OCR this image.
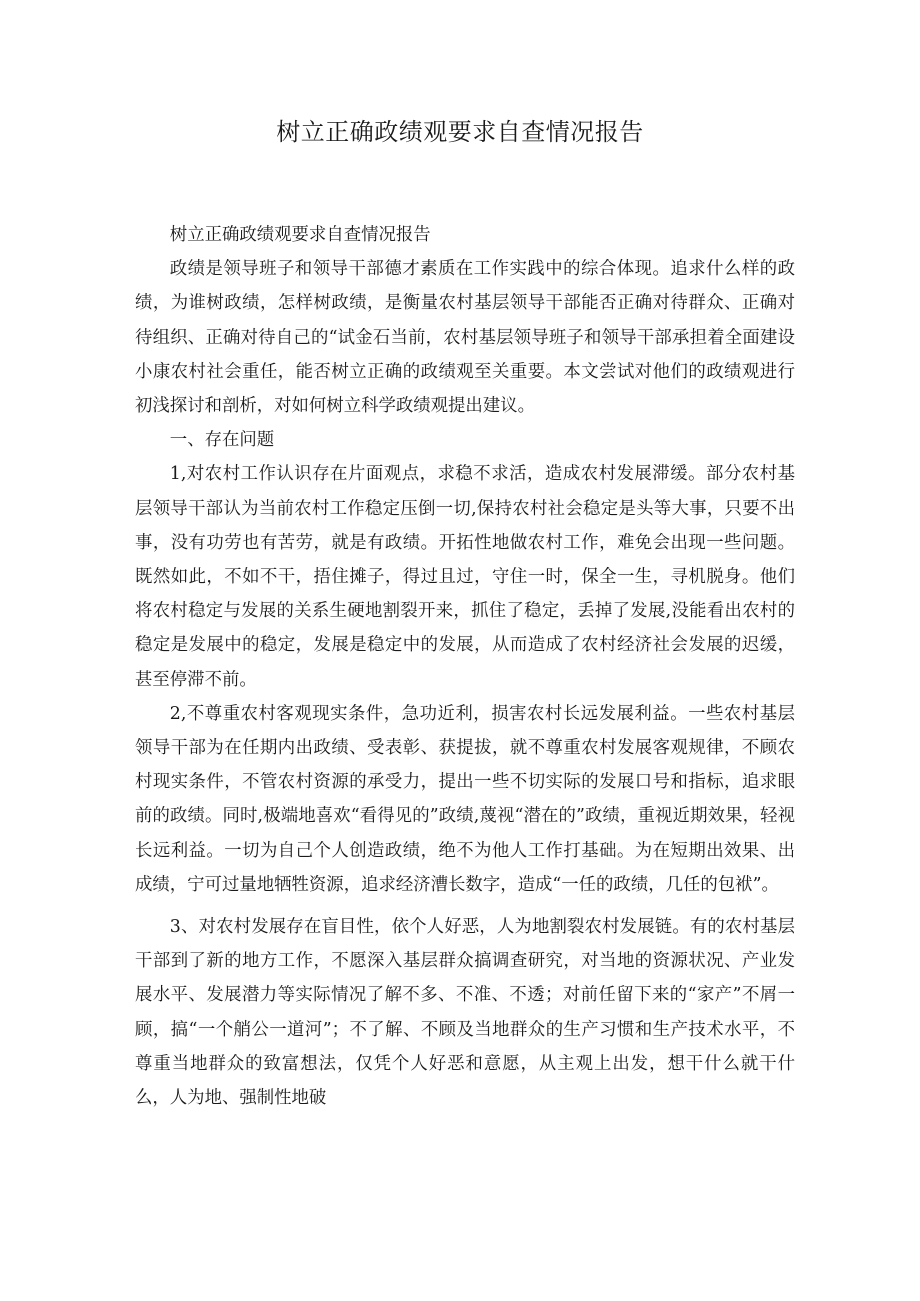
树立正确政绩观要求自查情况报告

树立正确政绩观要求自查情况报告

政绩是领导班子和领导干部德才素质在工作实践中的综合体现。追求什么样的政绩，为谁树政绩，怎样树政绩，是衡量农村基层领导干部能否正确对待群众、正确对待组织、正确对待自己的“试金石当前，农村基层领导班子和领导干部承担着全面建设小康农村社会重任，能否树立正确的政绩观至关重要。本文尝试对他们的政绩观进行初浅探讨和剖析，对如何树立科学政绩观提出建议。

一、存在问题

1,对农村工作认识存在片面观点，求稳不求活，造成农村发展滞缓。部分农村基层领导干部认为当前农村工作稳定压倒一切,保持农村社会稳定是头等大事，只要不出事，没有功劳也有苦劳，就是有政绩。开拓性地做农村工作，难免会出现一些问题。既然如此，不如不干，捂住摊子，得过且过，守住一时，保全一生，寻机脱身。他们将农村稳定与发展的关系生硬地割裂开来，抓住了稳定，丢掉了发展,没能看出农村的稳定是发展中的稳定，发展是稳定中的发展，从而造成了农村经济社会发展的迟缓，甚至停滞不前。

2,不尊重农村客观现实条件，急功近利，损害农村长远发展利益。一些农村基层领导干部为在任期内出政绩、受表彰、获提拔，就不尊重农村发展客观规律，不顾农村现实条件，不管农村资源的承受力，提出一些不切实际的发展口号和指标，追求眼前的政绩。同时,极端地喜欢“看得见的”政绩,蔑视“潜在的”政绩，重视近期效果，轻视长远利益。一切为自己个人创造政绩，绝不为他人工作打基础。为在短期出效果、出成绩，宁可过量地牺牲资源，追求经济漕长数字，造成“一任的政绩，几任的包袱”。

3、对农村发展存在盲目性，依个人好恶，人为地割裂农村发展链。有的农村基层干部到了新的地方工作，不愿深入基层群众搞调查研究，对当地的资源状况、产业发展水平、发展潜力等实际情况了解不多、不准、不透；对前任留下来的“家产”不屑一顾，搞“一个艄公一道河”；不了解、不顾及当地群众的生产习惯和生产技术水平，不尊重当地群众的致富想法，仅凭个人好恶和意愿，从主观上出发，想干什么就干什么，人为地、强制性地破
